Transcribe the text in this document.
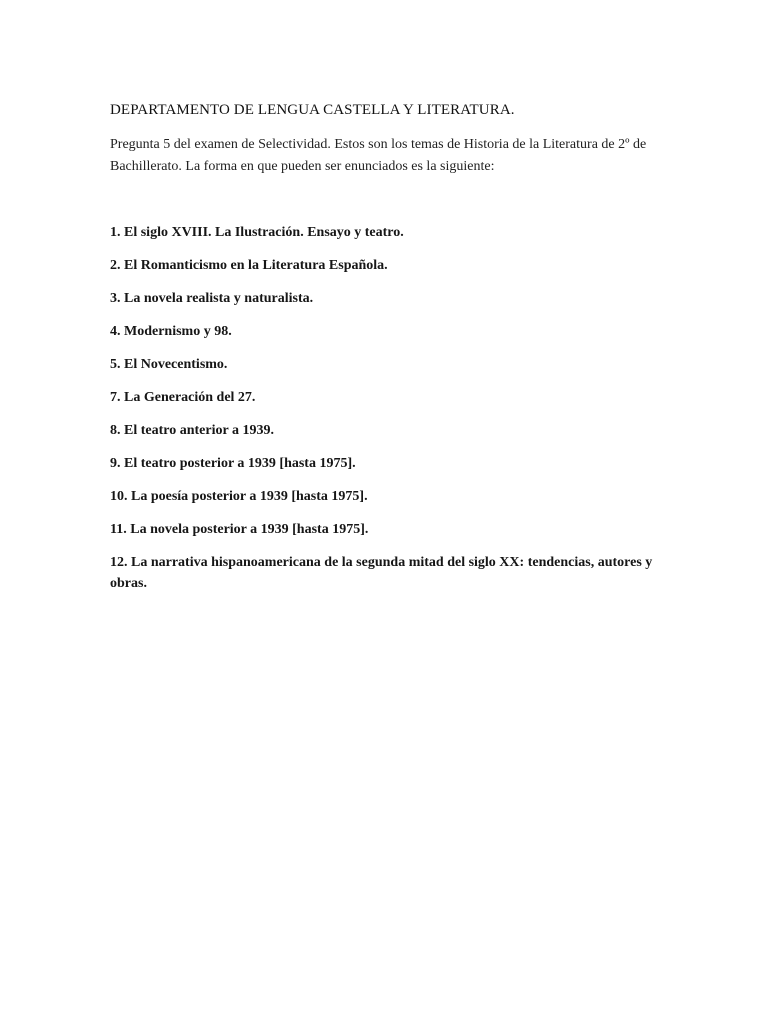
DEPARTAMENTO DE LENGUA CASTELLA Y LITERATURA.

Pregunta 5 del examen de Selectividad. Estos son los temas de Historia de la Literatura de 2º de Bachillerato. La forma en que pueden ser enunciados es la siguiente:

1. El siglo XVIII. La Ilustración. Ensayo y teatro.
2. El Romanticismo en la Literatura Española.
3. La novela realista y naturalista.
4. Modernismo y 98.
5. El Novecentismo.
7. La Generación del 27.
8. El teatro anterior a 1939.
9. El teatro posterior a 1939 [hasta 1975].
10. La poesía posterior a 1939 [hasta 1975].
11. La novela posterior a 1939 [hasta 1975].
12. La narrativa hispanoamericana de la segunda mitad del siglo XX: tendencias, autores y obras.
